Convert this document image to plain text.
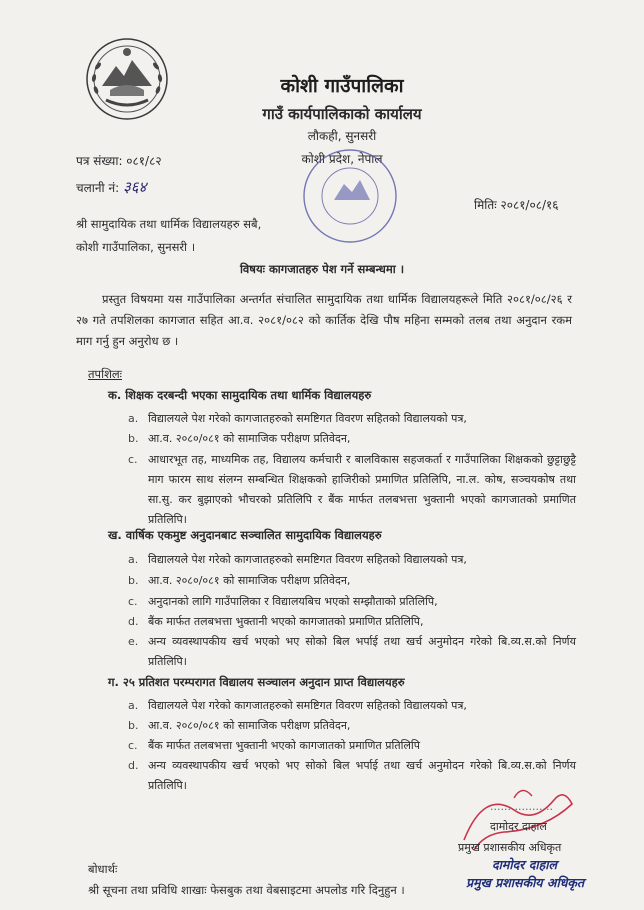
कोशी गाउँपालिका
गाउँ कार्यपालिकाको कार्यालय
लौकही, सुनसरी
कोशी प्रदेश, नेपाल
पत्र संख्या: ०८१/८२
चलानी नं: ३६४
मितिः २०८१/०८/१६
श्री सामुदायिक तथा धार्मिक विद्यालयहरु सबै,
कोशी गाउँपालिका, सुनसरी ।
विषयः कागजातहरु पेश गर्ने सम्बन्धमा ।
प्रस्तुत विषयमा यस गाउँपालिका अन्तर्गत संचालित सामुदायिक तथा धार्मिक विद्यालयहरूले मिति २०८१/०८/२६ र २७ गते तपशिलका कागजात सहित आ.व. २०८१/०८२ को कार्तिक देखि पौष महिना सम्मको तलब तथा अनुदान रकम माग गर्नु हुन अनुरोध छ ।
तपशिलः
क. शिक्षक दरबन्दी भएका सामुदायिक तथा धार्मिक विद्यालयहरु
a. विद्यालयले पेश गरेको कागजातहरुको समष्टिगत विवरण सहितको विद्यालयको पत्र,
b. आ.व. २०८०/०८१ को सामाजिक परीक्षण प्रतिवेदन,
c. आधारभूत तह, माध्यमिक तह, विद्यालय कर्मचारी र बालविकास सहजकर्ता र गाउँपालिका शिक्षकको छुट्टाछुट्टै माग फारम साथ संलग्न सम्बन्धित शिक्षकको हाजिरीको प्रमाणित प्रतिलिपि, ना.ल. कोष, सञ्चयकोष तथा सा.सु. कर बुझाएको भौचरको प्रतिलिपि र बैंक मार्फत तलबभत्ता भुक्तानी भएको कागजातको प्रमाणित प्रतिलिपि।
ख. वार्षिक एकमुष्ट अनुदानबाट सञ्चालित सामुदायिक विद्यालयहरु
a. विद्यालयले पेश गरेको कागजातहरुको समष्टिगत विवरण सहितको विद्यालयको पत्र,
b. आ.व. २०८०/०८१ को सामाजिक परीक्षण प्रतिवेदन,
c. अनुदानको लागि गाउँपालिका र विद्यालयबिच भएको सम्झौताको प्रतिलिपि,
d. बैंक मार्फत तलबभत्ता भुक्तानी भएको कागजातको प्रमाणित प्रतिलिपि,
e. अन्य व्यवस्थापकीय खर्च भएको भए सोको बिल भर्पाई तथा खर्च अनुमोदन गरेको बि.व्य.स.को निर्णय प्रतिलिपि।
ग. २५ प्रतिशत परम्परागत विद्यालय सञ्चालन अनुदान प्राप्त विद्यालयहरु
a. विद्यालयले पेश गरेको कागजातहरुको समष्टिगत विवरण सहितको विद्यालयको पत्र,
b. आ.व. २०८०/०८१ को सामाजिक परीक्षण प्रतिवेदन,
c. बैंक मार्फत तलबभत्ता भुक्तानी भएको कागजातको प्रमाणित प्रतिलिपि
d. अन्य व्यवस्थापकीय खर्च भएको भए सोको बिल भर्पाई तथा खर्च अनुमोदन गरेको बि.व्य.स.को निर्णय प्रतिलिपि।
..................
दामोदर दाहाल
प्रमुख प्रशासकीय अधिकृत
दामोदर दाहाल
प्रमुख प्रशासकीय अधिकृत
बोधार्थः
श्री सूचना तथा प्रविधि शाखाः फेसबुक तथा वेबसाइटमा अपलोड गरि दिनुहुन ।
